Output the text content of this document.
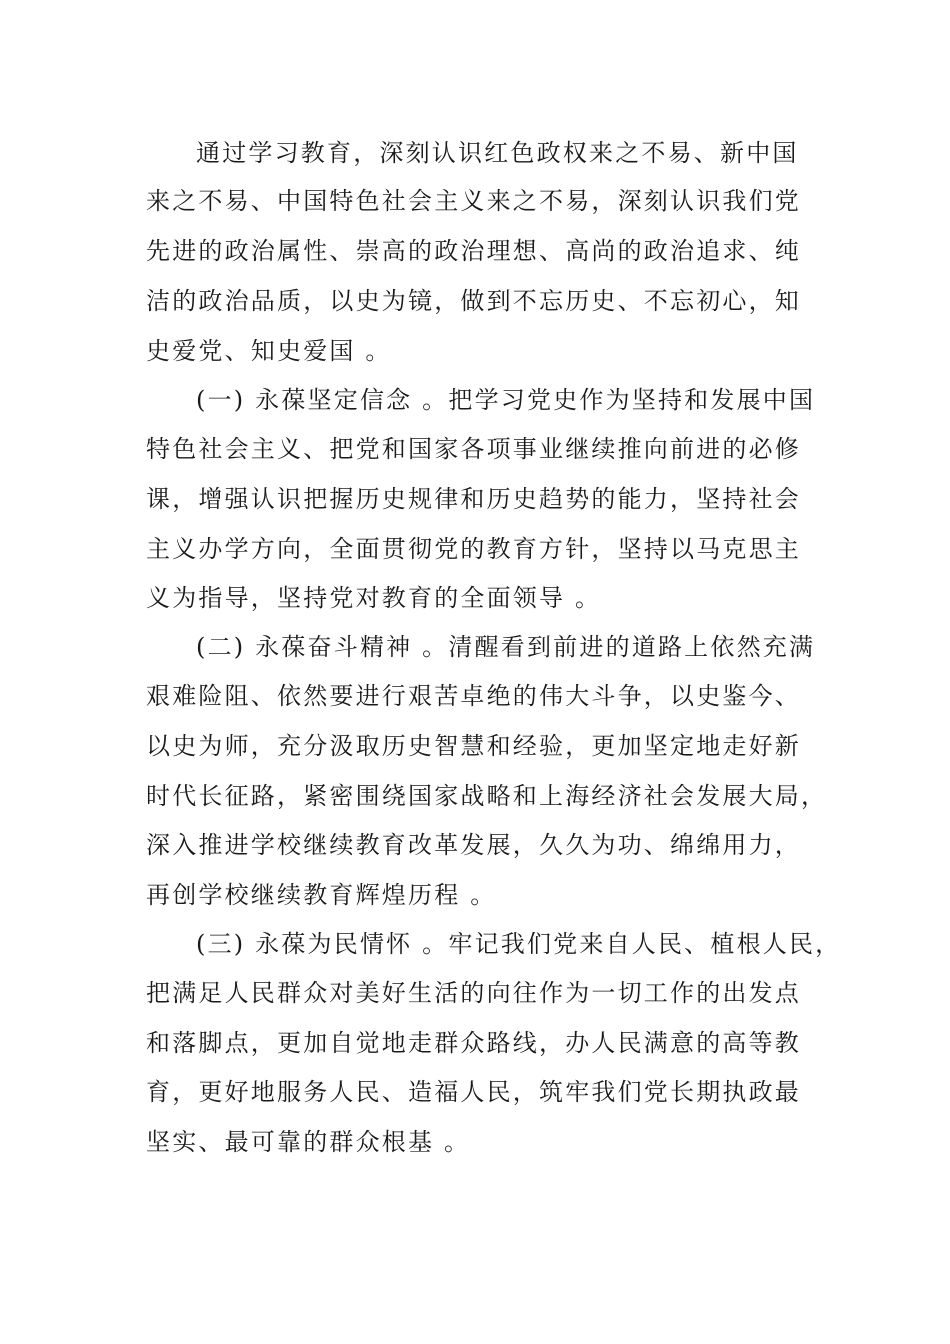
通过学习教育，深刻认识红色政权来之不易、新中国
来之不易、中国特色社会主义来之不易，深刻认识我们党
先进的政治属性、崇高的政治理想、高尚的政治追求、纯
洁的政治品质，以史为镜，做到不忘历史、不忘初心，知
史爱党、知史爱国 。
(一) 永葆坚定信念 。把学习党史作为坚持和发展中国
特色社会主义、把党和国家各项事业继续推向前进的必修
课，增强认识把握历史规律和历史趋势的能力，坚持社会
主义办学方向，全面贯彻党的教育方针，坚持以马克思主
义为指导，坚持党对教育的全面领导 。
(二) 永葆奋斗精神 。清醒看到前进的道路上依然充满
艰难险阻、依然要进行艰苦卓绝的伟大斗争，以史鉴今、
以史为师，充分汲取历史智慧和经验，更加坚定地走好新
时代长征路，紧密围绕国家战略和上海经济社会发展大局，
深入推进学校继续教育改革发展，久久为功、绵绵用力，
再创学校继续教育辉煌历程 。
(三) 永葆为民情怀 。牢记我们党来自人民、植根人民，
把满足人民群众对美好生活的向往作为一切工作的出发点
和落脚点，更加自觉地走群众路线，办人民满意的高等教
育，更好地服务人民、造福人民，筑牢我们党长期执政最
坚实、最可靠的群众根基 。
